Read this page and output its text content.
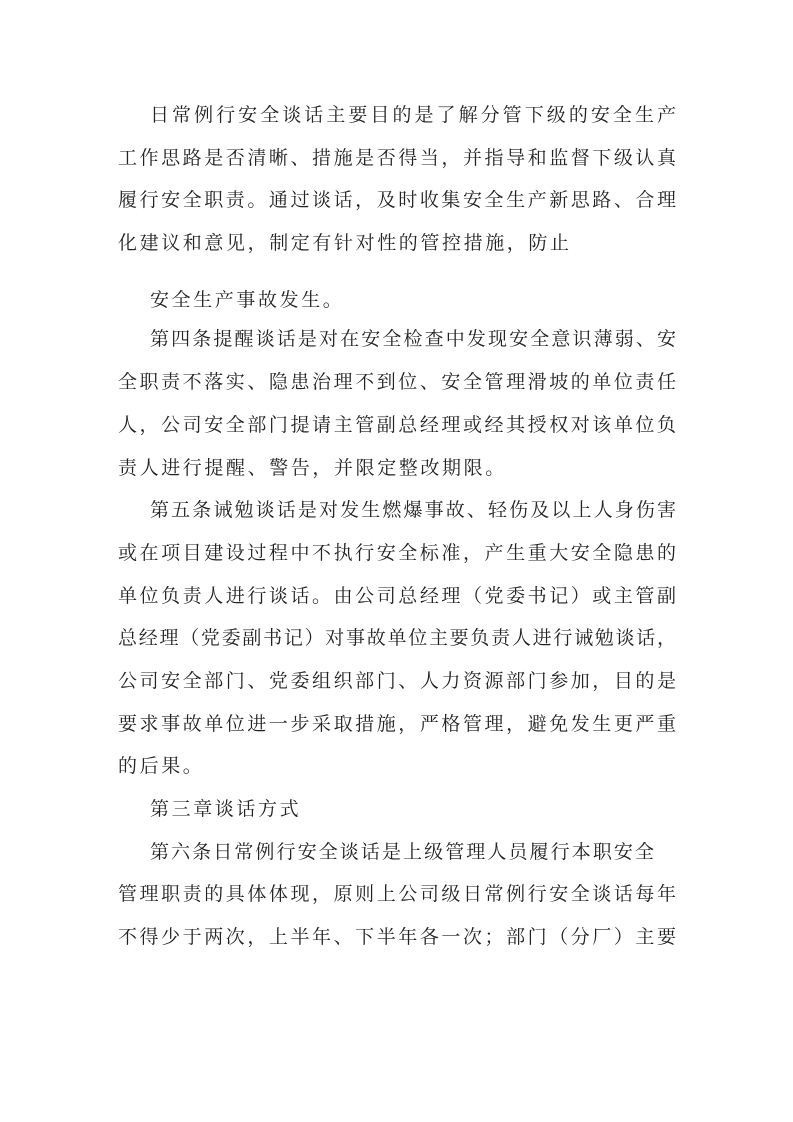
日常例行安全谈话主要目的是了解分管下级的安全生产
工作思路是否清晰、措施是否得当，并指导和监督下级认真
履行安全职责。通过谈话，及时收集安全生产新思路、合理
化建议和意见，制定有针对性的管控措施，防止
安全生产事故发生。
第四条提醒谈话是对在安全检查中发现安全意识薄弱、安
全职责不落实、隐患治理不到位、安全管理滑坡的单位责任
人，公司安全部门提请主管副总经理或经其授权对该单位负
责人进行提醒、警告，并限定整改期限。
第五条诫勉谈话是对发生燃爆事故、轻伤及以上人身伤害
或在项目建设过程中不执行安全标准，产生重大安全隐患的
单位负责人进行谈话。由公司总经理（党委书记）或主管副
总经理（党委副书记）对事故单位主要负责人进行诫勉谈话，
公司安全部门、党委组织部门、人力资源部门参加，目的是
要求事故单位进一步采取措施，严格管理，避免发生更严重
的后果。
第三章谈话方式
第六条日常例行安全谈话是上级管理人员履行本职安全
管理职责的具体体现，原则上公司级日常例行安全谈话每年
不得少于两次，上半年、下半年各一次；部门（分厂）主要
